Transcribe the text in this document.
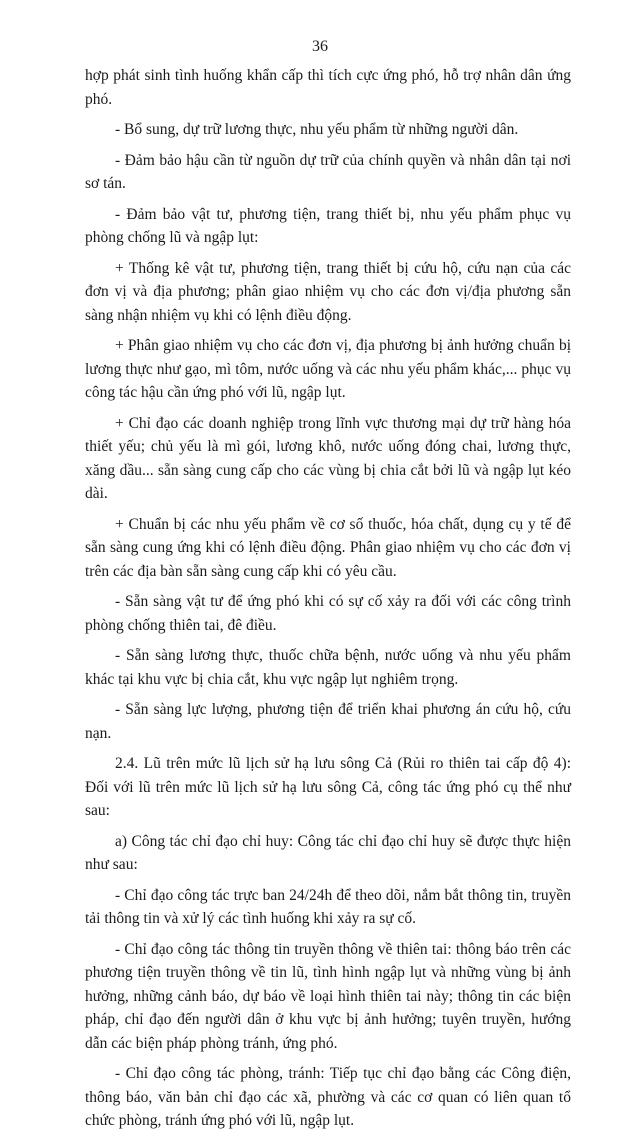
36

hợp phát sinh tình huống khẩn cấp thì tích cực ứng phó, hỗ trợ nhân dân ứng phó.

- Bổ sung, dự trữ lương thực, nhu yếu phẩm từ những người dân.

- Đảm bảo hậu cần từ nguồn dự trữ của chính quyền và nhân dân tại nơi sơ tán.

- Đảm bảo vật tư, phương tiện, trang thiết bị, nhu yếu phẩm phục vụ phòng chống lũ và ngập lụt:

+ Thống kê vật tư, phương tiện, trang thiết bị cứu hộ, cứu nạn của các đơn vị và địa phương; phân giao nhiệm vụ cho các đơn vị/địa phương sẵn sàng nhận nhiệm vụ khi có lệnh điều động.

+ Phân giao nhiệm vụ cho các đơn vị, địa phương bị ảnh hưởng chuẩn bị lương thực như gạo, mì tôm, nước uống và các nhu yếu phẩm khác,... phục vụ công tác hậu cần ứng phó với lũ, ngập lụt.

+ Chỉ đạo các doanh nghiệp trong lĩnh vực thương mại dự trữ hàng hóa thiết yếu; chủ yếu là mì gói, lương khô, nước uống đóng chai, lương thực, xăng dầu... sẵn sàng cung cấp cho các vùng bị chia cắt bởi lũ và ngập lụt kéo dài.

+ Chuẩn bị các nhu yếu phẩm về cơ số thuốc, hóa chất, dụng cụ y tế để sẵn sàng cung ứng khi có lệnh điều động. Phân giao nhiệm vụ cho các đơn vị trên các địa bàn sẵn sàng cung cấp khi có yêu cầu.

- Sẵn sàng vật tư để ứng phó khi có sự cố xảy ra đối với các công trình phòng chống thiên tai, đê điều.

- Sẵn sàng lương thực, thuốc chữa bệnh, nước uống và nhu yếu phẩm khác tại khu vực bị chia cắt, khu vực ngập lụt nghiêm trọng.

- Sẵn sàng lực lượng, phương tiện để triển khai phương án cứu hộ, cứu nạn.

2.4. Lũ trên mức lũ lịch sử hạ lưu sông Cả (Rủi ro thiên tai cấp độ 4): Đối với lũ trên mức lũ lịch sử hạ lưu sông Cả, công tác ứng phó cụ thể như sau:

a) Công tác chỉ đạo chỉ huy: Công tác chỉ đạo chỉ huy sẽ được thực hiện như sau:

- Chỉ đạo công tác trực ban 24/24h để theo dõi, nắm bắt thông tin, truyền tải thông tin và xử lý các tình huống khi xảy ra sự cố.

- Chỉ đạo công tác thông tin truyền thông về thiên tai: thông báo trên các phương tiện truyền thông về tin lũ, tình hình ngập lụt và những vùng bị ảnh hưởng, những cảnh báo, dự báo về loại hình thiên tai này; thông tin các biện pháp, chỉ đạo đến người dân ở khu vực bị ảnh hưởng; tuyên truyền, hướng dẫn các biện pháp phòng tránh, ứng phó.

- Chỉ đạo công tác phòng, tránh: Tiếp tục chỉ đạo bằng các Công điện, thông báo, văn bản chỉ đạo các xã, phường và các cơ quan có liên quan tổ chức phòng, tránh ứng phó với lũ, ngập lụt.
